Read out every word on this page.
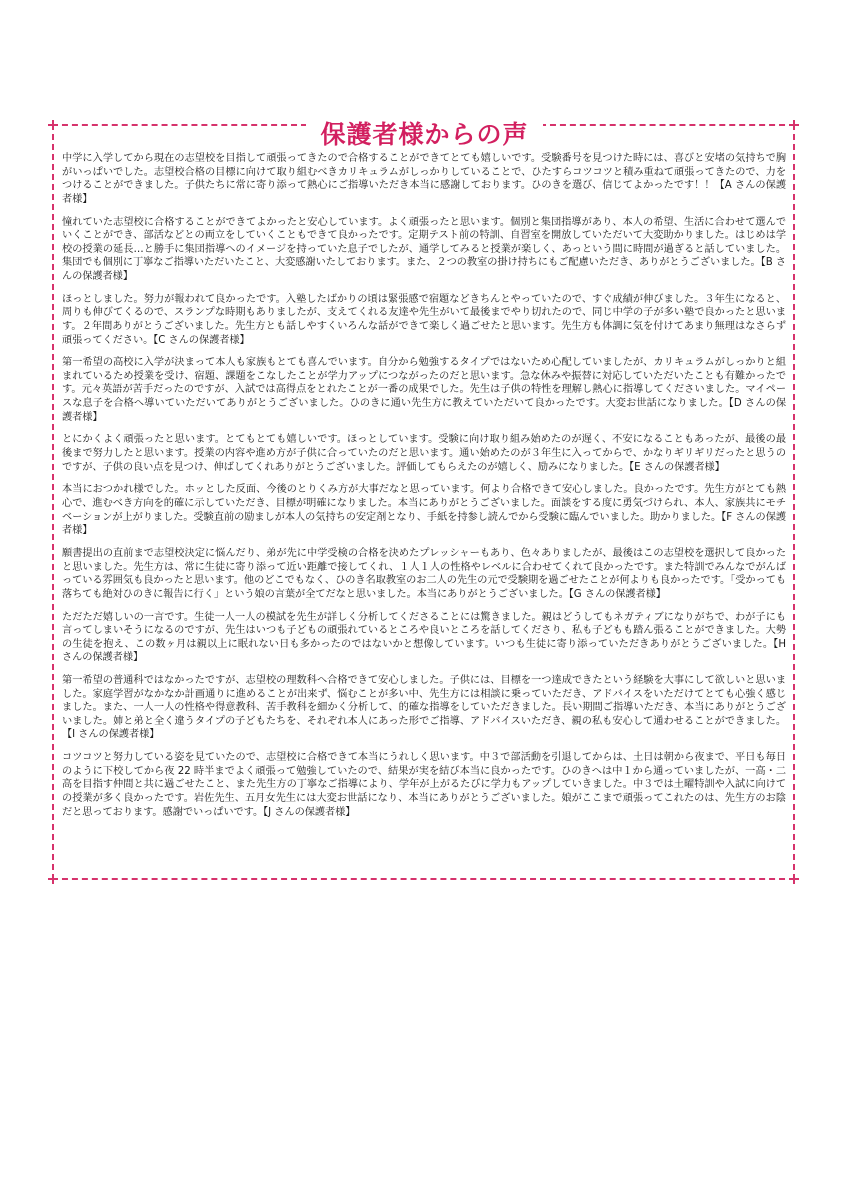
保護者様からの声

中学に入学してから現在の志望校を目指して頑張ってきたので合格することができてとても嬉しいです。受験番号を見つけた時には、喜びと安堵の気持ちで胸がいっぱいでした。志望校合格の目標に向けて取り組むべきカリキュラムがしっかりしていることで、ひたすらコツコツと積み重ねて頑張ってきたので、力をつけることができました。子供たちに常に寄り添って熱心にご指導いただき本当に感謝しております。ひのきを選び、信じてよかったです！！【A さんの保護者様】

憧れていた志望校に合格することができてよかったと安心しています。よく頑張ったと思います。個別と集団指導があり、本人の希望、生活に合わせて選んでいくことができ、部活などとの両立をしていくこともできて良かったです。定期テスト前の特訓、自習室を開放していただいて大変助かりました。はじめは学校の授業の延長…と勝手に集団指導へのイメージを持っていた息子でしたが、通学してみると授業が楽しく、あっという間に時間が過ぎると話していました。集団でも個別に丁寧なご指導いただいたこと、大変感謝いたしております。また、２つの教室の掛け持ちにもご配慮いただき、ありがとうございました。【B さんの保護者様】

ほっとしました。努力が報われて良かったです。入塾したばかりの頃は緊張感で宿題などきちんとやっていたので、すぐ成績が伸びました。３年生になると、周りも伸びてくるので、スランプな時期もありましたが、支えてくれる友達や先生がいて最後までやり切れたので、同じ中学の子が多い塾で良かったと思います。２年間ありがとうございました。先生方とも話しやすくいろんな話ができて楽しく過ごせたと思います。先生方も体調に気を付けてあまり無理はなさらず頑張ってください。【C さんの保護者様】

第一希望の高校に入学が決まって本人も家族もとても喜んでいます。自分から勉強するタイプではないため心配していましたが、カリキュラムがしっかりと組まれているため授業を受け、宿題、課題をこなしたことが学力アップにつながったのだと思います。急な休みや振替に対応していただいたことも有難かったです。元々英語が苦手だったのですが、入試では高得点をとれたことが一番の成果でした。先生は子供の特性を理解し熱心に指導してくださいました。マイペースな息子を合格へ導いていただいてありがとうございました。ひのきに通い先生方に教えていただいて良かったです。大変お世話になりました。【D さんの保護者様】

とにかくよく頑張ったと思います。とてもとても嬉しいです。ほっとしています。受験に向け取り組み始めたのが遅く、不安になることもあったが、最後の最後まで努力したと思います。授業の内容や進め方が子供に合っていたのだと思います。通い始めたのが３年生に入ってからで、かなりギリギリだったと思うのですが、子供の良い点を見つけ、伸ばしてくれありがとうございました。評価してもらえたのが嬉しく、励みになりました。【E さんの保護者様】

本当におつかれ様でした。ホッとした反面、今後のとりくみ方が大事だなと思っています。何より合格できて安心しました。良かったです。先生方がとても熱心で、進むべき方向を的確に示していただき、目標が明確になりました。本当にありがとうございました。面談をする度に勇気づけられ、本人、家族共にモチベーションが上がりました。受験直前の励ましが本人の気持ちの安定剤となり、手紙を持参し読んでから受験に臨んでいました。助かりました。【F さんの保護者様】

願書提出の直前まで志望校決定に悩んだり、弟が先に中学受検の合格を決めたプレッシャーもあり、色々ありましたが、最後はこの志望校を選択して良かったと思いました。先生方は、常に生徒に寄り添って近い距離で接してくれ、１人１人の性格やレベルに合わせてくれて良かったです。また特訓でみんなでがんばっている雰囲気も良かったと思います。他のどこでもなく、ひのき名取教室のお二人の先生の元で受験期を過ごせたことが何よりも良かったです。「受かっても落ちても絶対ひのきに報告に行く」という娘の言葉が全てだなと思いました。本当にありがとうございました。【G さんの保護者様】

ただただ嬉しいの一言です。生徒一人一人の模試を先生が詳しく分析してくださることには驚きました。親はどうしてもネガティブになりがちで、わが子にも言ってしまいそうになるのですが、先生はいつも子どもの頑張れているところや良いところを話してくださり、私も子どもも踏ん張ることができました。大勢の生徒を抱え、この数ヶ月は親以上に眠れない日も多かったのではないかと想像しています。いつも生徒に寄り添っていただきありがとうございました。【H さんの保護者様】

第一希望の普通科ではなかったですが、志望校の理数科へ合格できて安心しました。子供には、目標を一つ達成できたという経験を大事にして欲しいと思いました。家庭学習がなかなか計画通りに進めることが出来ず、悩むことが多い中、先生方には相談に乗っていただき、アドバイスをいただけてとても心強く感じました。また、一人一人の性格や得意教科、苦手教科を細かく分析して、的確な指導をしていただきました。長い期間ご指導いただき、本当にありがとうございました。姉と弟と全く違うタイプの子どもたちを、それぞれ本人にあった形でご指導、アドバイスいただき、親の私も安心して通わせることができました。【I さんの保護者様】

コツコツと努力している姿を見ていたので、志望校に合格できて本当にうれしく思います。中３で部活動を引退してからは、土日は朝から夜まで、平日も毎日のように下校してから夜 22 時半までよく頑張って勉強していたので、結果が実を結び本当に良かったです。ひのきへは中１から通っていましたが、一高・二高を目指す仲間と共に過ごせたこと、また先生方の丁寧なご指導により、学年が上がるたびに学力もアップしていきました。中３では土曜特訓や入試に向けての授業が多く良かったです。岩佐先生、五月女先生には大変お世話になり、本当にありがとうございました。娘がここまで頑張ってこれたのは、先生方のお陰だと思っております。感謝でいっぱいです。【J さんの保護者様】
